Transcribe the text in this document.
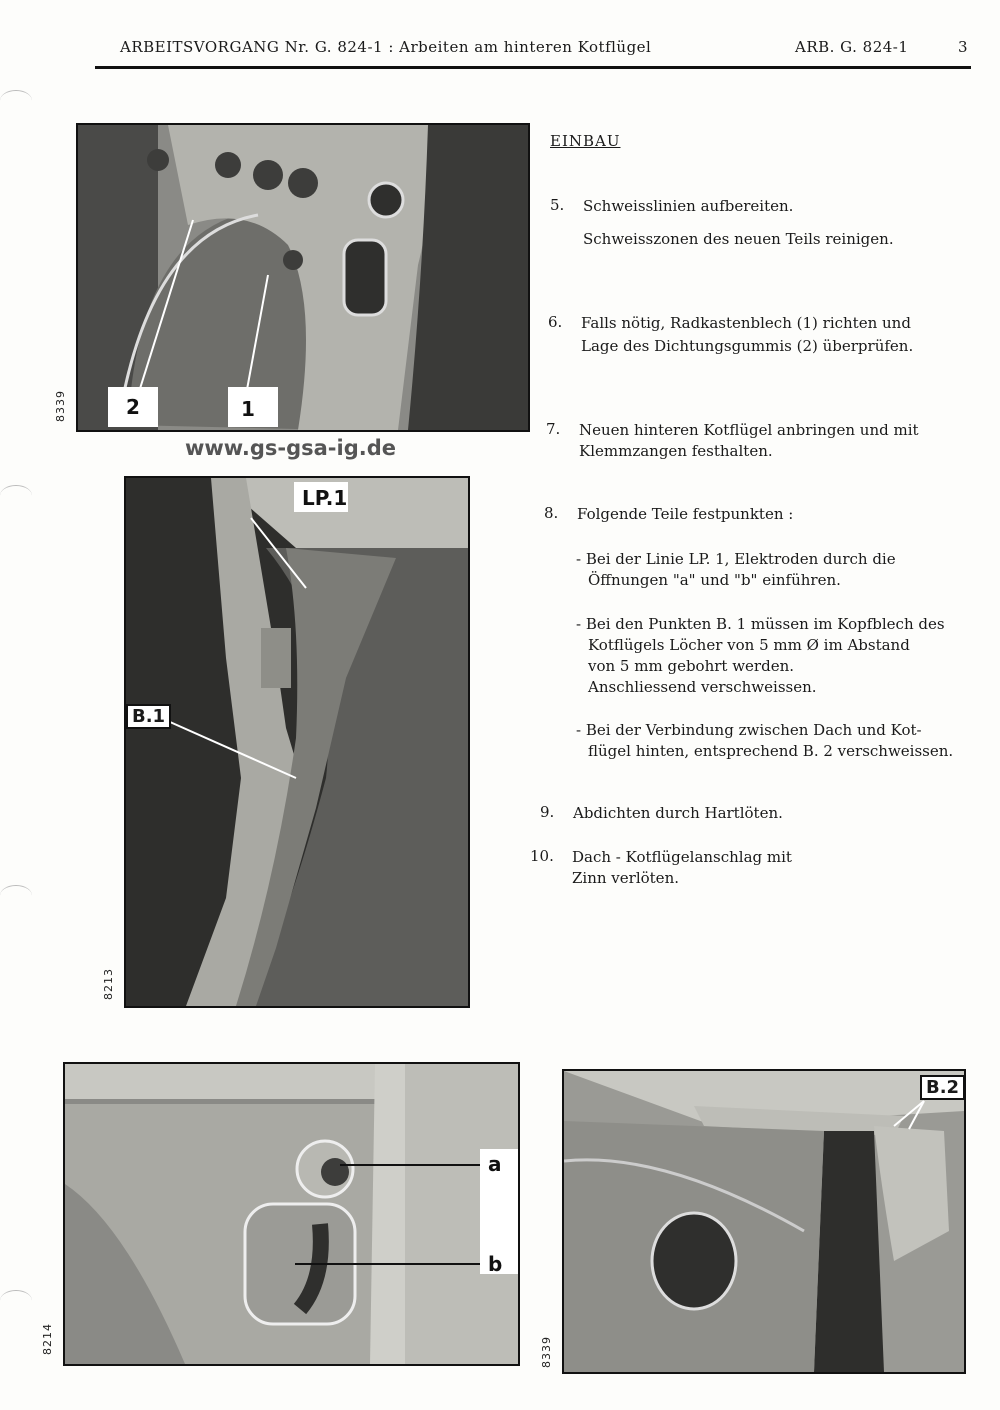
ARBEITSVORGANG Nr. G. 824-1 : Arbeiten am hinteren Kotflügel	ARB. G. 824-1	3
2	1
8339
www.gs-gsa-ig.de
LP.1
B.1
8213
a
b
8214
B.2
8339
EINBAU
5. Schweisslinien aufbereiten.
Schweisszonen des neuen Teils reinigen.
6. Falls nötig, Radkastenblech (1) richten und
Lage des Dichtungsgummis (2) überprüfen.
7. Neuen hinteren Kotflügel anbringen und mit
Klemmzangen festhalten.
8. Folgende Teile festpunkten :
- Bei der Linie LP. 1, Elektroden durch die
Öffnungen "a" und "b" einführen.
- Bei den Punkten B. 1 müssen im Kopfblech des
Kotflügels Löcher von 5 mm Ø im Abstand
von 5 mm gebohrt werden.
Anschliessend verschweissen.
- Bei der Verbindung zwischen Dach und Kot-
flügel hinten, entsprechend B. 2 verschweissen.
9. Abdichten durch Hartlöten.
10. Dach - Kotflügelanschlag mit
Zinn verlöten.
